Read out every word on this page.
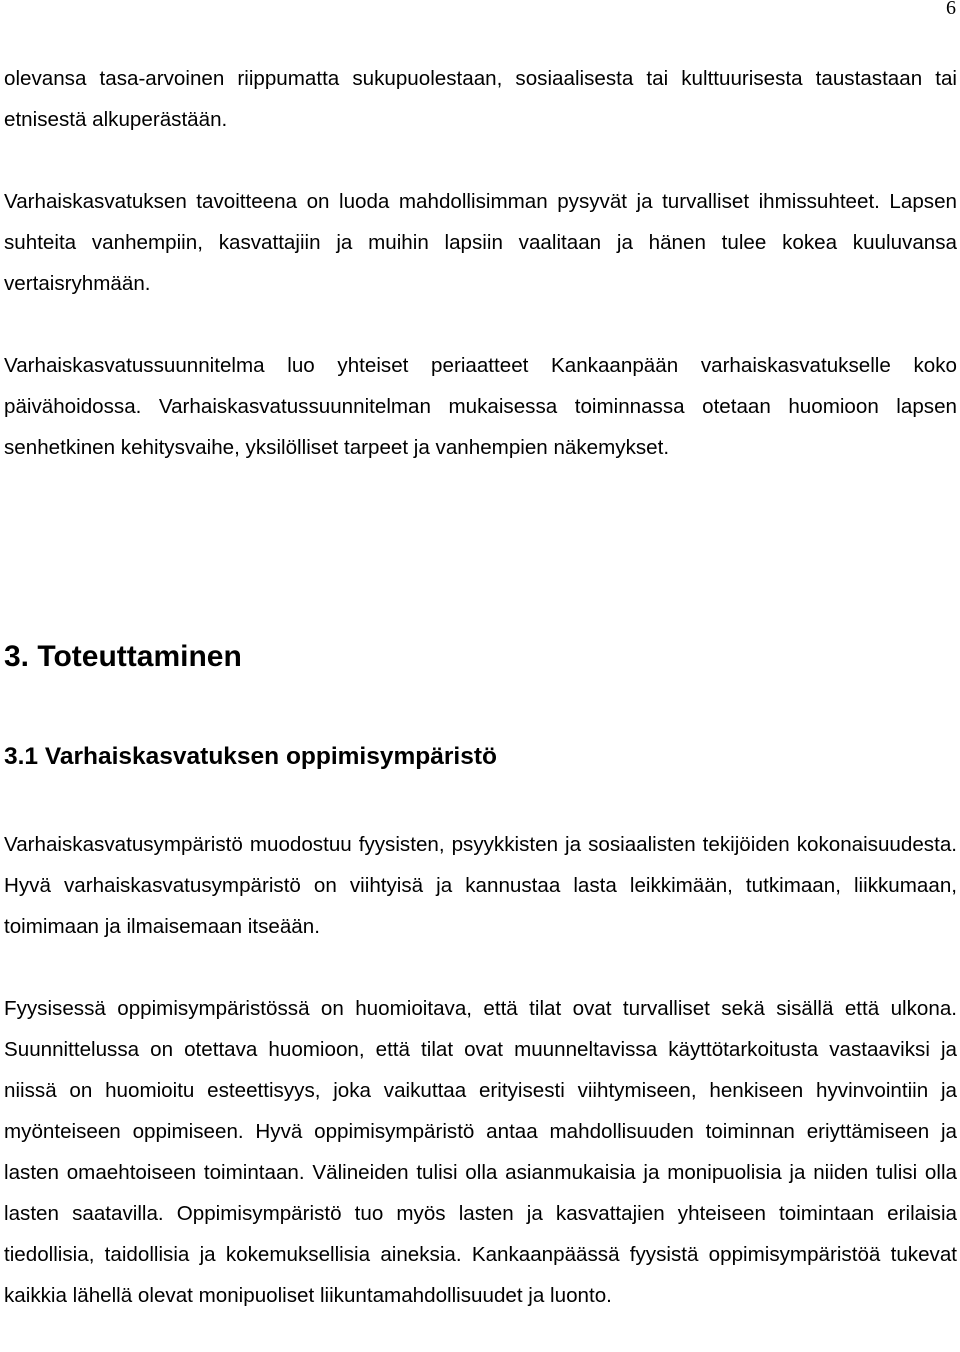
6

olevansa tasa-arvoinen riippumatta sukupuolestaan, sosiaalisesta tai kulttuurisesta taustastaan tai etnisestä alkuperästään.

Varhaiskasvatuksen tavoitteena on luoda mahdollisimman pysyvät ja turvalliset ihmissuhteet. Lapsen suhteita vanhempiin, kasvattajiin ja muihin lapsiin vaalitaan ja hänen tulee kokea kuuluvansa vertaisryhmään.

Varhaiskasvatussuunnitelma luo yhteiset periaatteet Kankaanpään varhaiskasvatukselle koko päivähoidossa. Varhaiskasvatussuunnitelman mukaisessa toiminnassa otetaan huomioon lapsen senhetkinen kehitysvaihe, yksilölliset tarpeet ja vanhempien näkemykset.

3. Toteuttaminen
3.1 Varhaiskasvatuksen oppimisympäristö

Varhaiskasvatusympäristö muodostuu fyysisten, psyykkisten ja sosiaalisten tekijöiden kokonaisuudesta. Hyvä varhaiskasvatusympäristö on viihtyisä ja kannustaa lasta leikkimään, tutkimaan, liikkumaan, toimimaan ja ilmaisemaan itseään.

Fyysisessä oppimisympäristössä on huomioitava, että tilat ovat turvalliset sekä sisällä että ulkona. Suunnittelussa on otettava huomioon, että tilat ovat muunneltavissa käyttötarkoitusta vastaaviksi ja niissä on huomioitu esteettisyys, joka vaikuttaa erityisesti viihtymiseen, henkiseen hyvinvointiin ja myönteiseen oppimiseen. Hyvä oppimisympäristö antaa mahdollisuuden toiminnan eriyttämiseen ja lasten omaehtoiseen toimintaan. Välineiden tulisi olla asianmukaisia ja monipuolisia ja niiden tulisi olla lasten saatavilla. Oppimisympäristö tuo myös lasten ja kasvattajien yhteiseen toimintaan erilaisia tiedollisia, taidollisia ja kokemuksellisia aineksia. Kankaanpäässä fyysistä oppimisympäristöä tukevat kaikkia lähellä olevat monipuoliset liikuntamahdollisuudet ja luonto.
